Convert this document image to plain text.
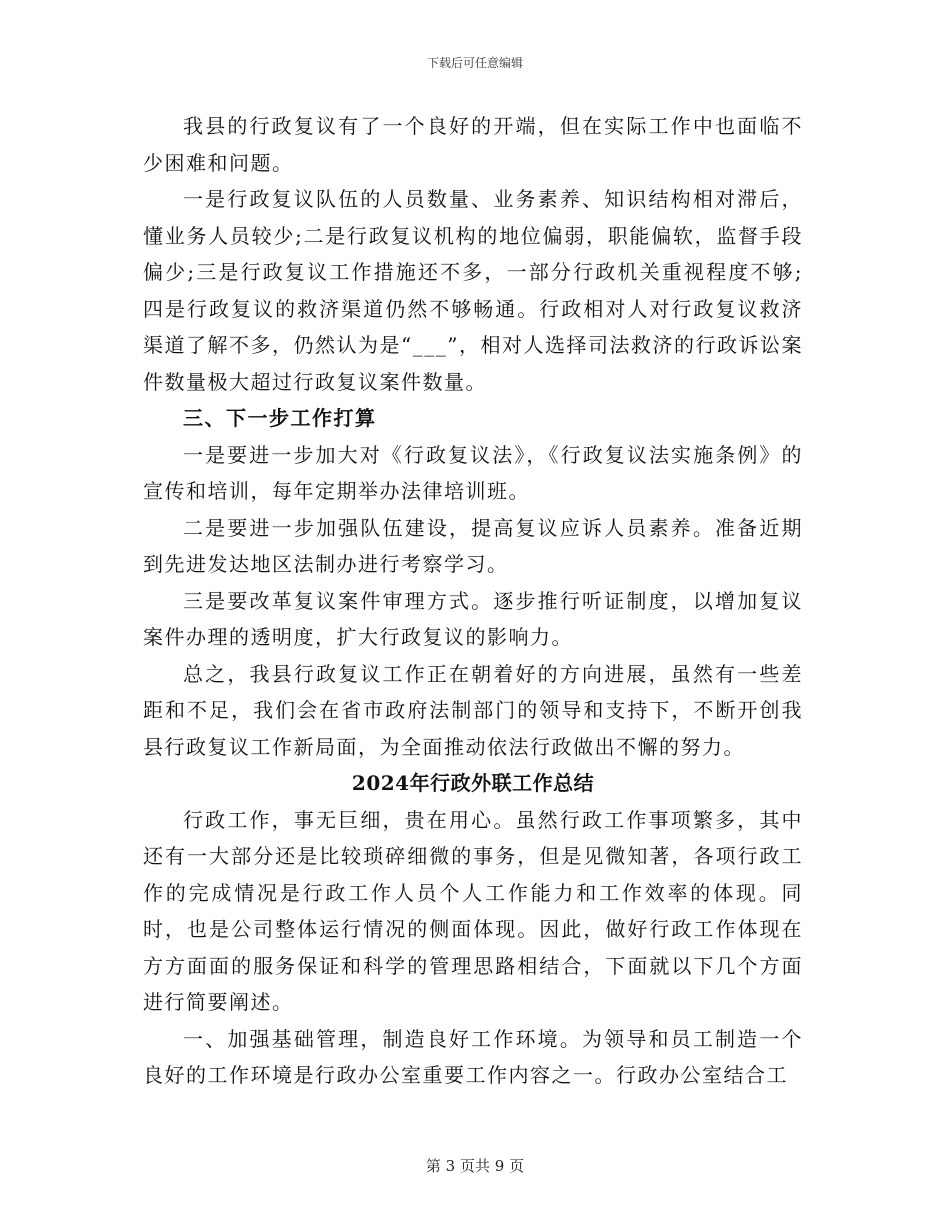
下载后可任意编辑

我县的行政复议有了一个良好的开端，但在实际工作中也面临不少困难和问题。

一是行政复议队伍的人员数量、业务素养、知识结构相对滞后，懂业务人员较少;二是行政复议机构的地位偏弱，职能偏软，监督手段偏少;三是行政复议工作措施还不多，一部分行政机关重视程度不够;四是行政复议的救济渠道仍然不够畅通。行政相对人对行政复议救济渠道了解不多，仍然认为是“___”，相对人选择司法救济的行政诉讼案件数量极大超过行政复议案件数量。

三、下一步工作打算

一是要进一步加大对《行政复议法》，《行政复议法实施条例》的宣传和培训，每年定期举办法律培训班。

二是要进一步加强队伍建设，提高复议应诉人员素养。准备近期到先进发达地区法制办进行考察学习。

三是要改革复议案件审理方式。逐步推行听证制度，以增加复议案件办理的透明度，扩大行政复议的影响力。

总之，我县行政复议工作正在朝着好的方向进展，虽然有一些差距和不足，我们会在省市政府法制部门的领导和支持下，不断开创我县行政复议工作新局面，为全面推动依法行政做出不懈的努力。

2024年行政外联工作总结

行政工作，事无巨细，贵在用心。虽然行政工作事项繁多，其中还有一大部分还是比较琐碎细微的事务，但是见微知著，各项行政工作的完成情况是行政工作人员个人工作能力和工作效率的体现。同时，也是公司整体运行情况的侧面体现。因此，做好行政工作体现在方方面面的服务保证和科学的管理思路相结合，下面就以下几个方面进行简要阐述。

一、加强基础管理，制造良好工作环境。为领导和员工制造一个良好的工作环境是行政办公室重要工作内容之一。行政办公室结合工

第 3 页共 9 页
